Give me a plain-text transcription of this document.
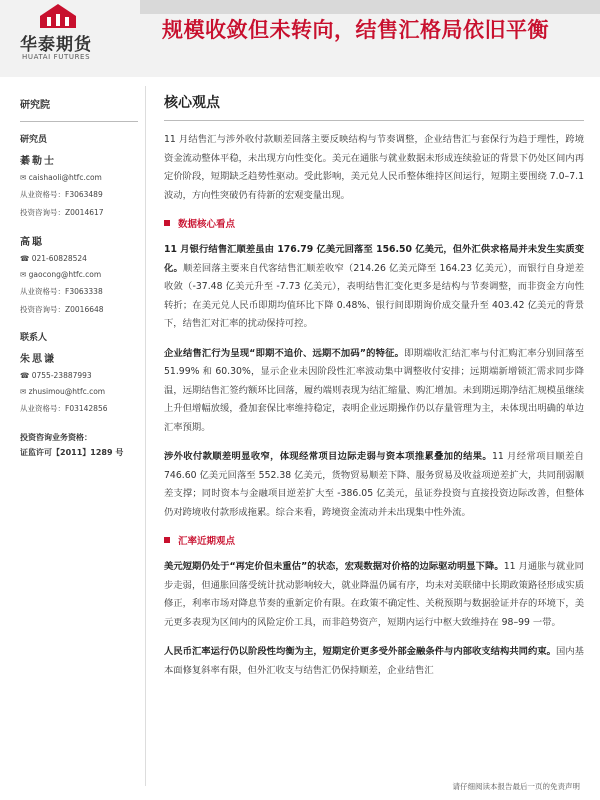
华泰期货
HUATAI FUTURES
规模收敛但未转向，结售汇格局依旧平衡
研究院
研究员
綦勒士
✉ caishaoli@htfc.com
从业资格号：F3063489
投资咨询号：Z0014617
高聪
☎ 021-60828524
✉ gaocong@htfc.com
从业资格号：F3063338
投资咨询号：Z0016648
联系人
朱思谦
☎ 0755-23887993
✉ zhusimou@htfc.com
从业资格号：F03142856
投资咨询业务资格：
证监许可【2011】1289 号
核心观点

11 月结售汇与涉外收付款顺差回落主要反映结构与节奏调整，企业结售汇与套保行为趋于理性，跨境资金流动整体平稳，未出现方向性变化。美元在通胀与就业数据未形成连续验证的背景下仍处区间内再定价阶段，短期缺乏趋势性驱动。受此影响，美元兑人民币整体维持区间运行，短期主要围绕 7.0–7.1 波动，方向性突破仍有待新的宏观变量出现。

数据核心看点

11 月银行结售汇顺差虽由 176.79 亿美元回落至 156.50 亿美元，但外汇供求格局并未发生实质变化。顺差回落主要来自代客结售汇顺差收窄（214.26 亿美元降至 164.23 亿美元），而银行自身逆差收敛（-37.48 亿美元升至 -7.73 亿美元），表明结售汇变化更多是结构与节奏调整，而非资金方向性转折；在美元兑人民币即期均值环比下降 0.48%、银行间即期询价成交量升至 403.42 亿美元的背景下，结售汇对汇率的扰动保持可控。

企业结售汇行为呈现“即期不追价、远期不加码”的特征。即期端收汇结汇率与付汇购汇率分别回落至 51.99% 和 60.30%，显示企业未因阶段性汇率波动集中调整收付安排；远期端新增锁汇需求同步降温，远期结售汇签约额环比回落，履约端则表现为结汇缩量、购汇增加。未到期远期净结汇规模虽继续上升但增幅放缓，叠加套保比率维持稳定，表明企业远期操作仍以存量管理为主，未体现出明确的单边汇率预期。

涉外收付款顺差明显收窄，体现经常项目边际走弱与资本项推累叠加的结果。11 月经常项目顺差自 746.60 亿美元回落至 552.38 亿美元，货物贸易顺差下降、服务贸易及收益项逆差扩大，共同削弱顺差支撑；同时资本与金融项目逆差扩大至 -386.05 亿美元，虽证券投资与直接投资边际改善，但整体仍对跨境收付款形成拖累。综合来看，跨境资金流动并未出现集中性外流。

汇率近期观点

美元短期仍处于“再定价但未重估”的状态，宏观数据对价格的边际驱动明显下降。11 月通胀与就业同步走弱，但通胀回落受统计扰动影响较大，就业降温仍属有序，均未对美联储中长期政策路径形成实质修正，利率市场对降息节奏的重新定价有限。在政策不确定性、关税预期与数据验证并存的环境下，美元更多表现为区间内的风险定价工具，而非趋势资产，短期内运行中枢大致维持在 98–99 一带。

人民币汇率运行仍以阶段性均衡为主，短期定价更多受外部金融条件与内部收支结构共同约束。国内基本面修复斜率有限，但外汇收支与结售汇仍保持顺差，企业结售汇

请仔细阅读本报告最后一页的免责声明
